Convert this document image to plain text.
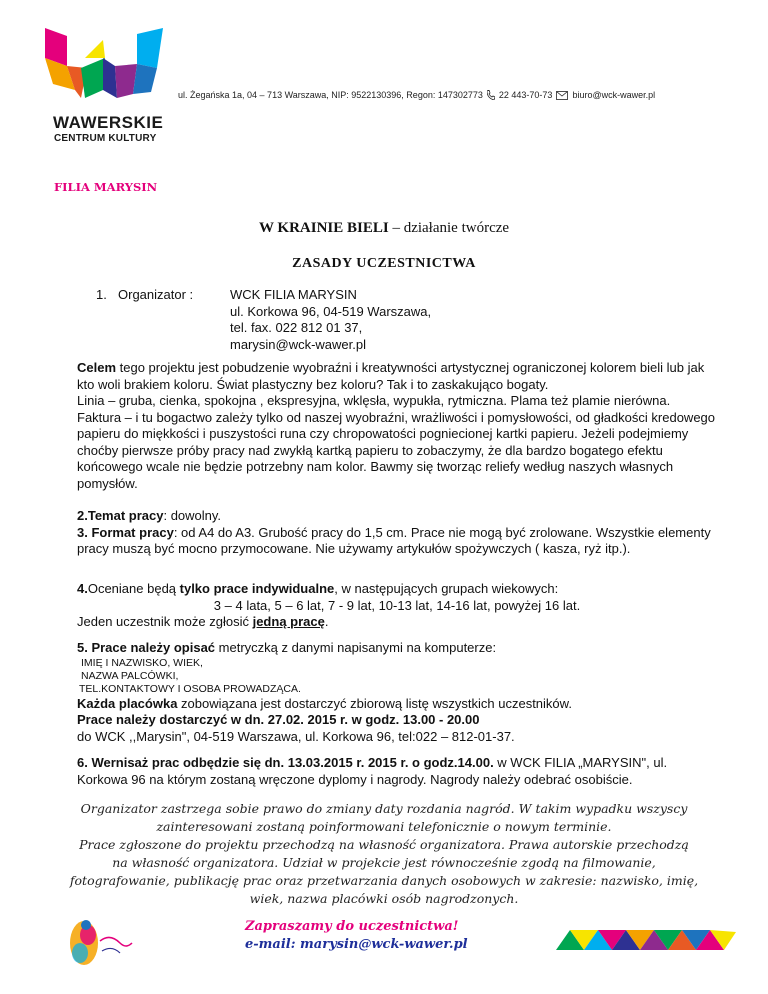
WAWERSKIE
CENTRUM KULTURY
ul. Żegańska 1a, 04 – 713 Warszawa, NIP: 9522130396, Regon: 147302773 22 443-70-73 biuro@wck-wawer.pl
FILIA MARYSIN
W KRAINIE BIELI – działanie twórcze
ZASADY UCZESTNICTWA
1. Organizator :	WCK FILIA MARYSIN
ul. Korkowa 96, 04-519 Warszawa,
tel. fax. 022 812 01 37,
marysin@wck-wawer.pl
Celem tego projektu jest pobudzenie wyobraźni i kreatywności artystycznej ograniczonej kolorem bieli lub jak kto woli brakiem koloru. Świat plastyczny bez koloru? Tak i to zaskakująco bogaty.
Linia – gruba, cienka, spokojna , ekspresyjna, wklęsła, wypukła, rytmiczna. Plama też plamie nierówna.
Faktura – i tu bogactwo zależy tylko od naszej wyobraźni, wrażliwości i pomysłowości, od gładkości kredowego papieru do miękkości i puszystości runa czy chropowatości pogniecionej kartki papieru. Jeżeli podejmiemy choćby pierwsze próby pracy nad zwykłą kartką papieru to zobaczymy, że dla bardzo bogatego efektu końcowego wcale nie będzie potrzebny nam kolor. Bawmy się tworząc reliefy według naszych własnych pomysłów.
2.Temat pracy: dowolny.
3. Format pracy: od A4 do A3. Grubość pracy do 1,5 cm. Prace nie mogą być zrolowane. Wszystkie elementy pracy muszą być mocno przymocowane. Nie używamy artykułów spożywczych ( kasza, ryż itp.).
4.Oceniane będą tylko prace indywidualne, w następujących grupach wiekowych:
3 – 4 lata, 5 – 6 lat, 7 - 9 lat, 10-13 lat, 14-16 lat, powyżej 16 lat.
Jeden uczestnik może zgłosić jedną pracę.
5. Prace należy opisać metryczką z danymi napisanymi na komputerze:
IMIĘ I NAZWISKO, WIEK,
NAZWA PALCÓWKI,
TEL.KONTAKTOWY I OSOBA PROWADZĄCA.
Każda placówka zobowiązana jest dostarczyć zbiorową listę wszystkich uczestników.
Prace należy dostarczyć w dn. 27.02. 2015 r. w godz. 13.00 - 20.00
do WCK ,,Marysin", 04-519 Warszawa, ul. Korkowa 96, tel:022 – 812-01-37.
6. Wernisaż prac odbędzie się dn. 13.03.2015 r. 2015 r. o godz.14.00. w WCK FILIA „MARYSIN", ul. Korkowa 96 na którym zostaną wręczone dyplomy i nagrody. Nagrody należy odebrać osobiście.
Organizator zastrzega sobie prawo do zmiany daty rozdania nagród. W takim wypadku wszyscy
zainteresowani zostaną poinformowani telefonicznie o nowym terminie.
Prace zgłoszone do projektu przechodzą na własność organizatora. Prawa autorskie przechodzą
na własność organizatora. Udział w projekcie jest równocześnie zgodą na filmowanie,
fotografowanie, publikację prac oraz przetwarzania danych osobowych w zakresie: nazwisko, imię,
wiek, nazwa placówki osób nagrodzonych.
Zapraszamy do uczestnictwa!
e-mail: marysin@wck-wawer.pl
